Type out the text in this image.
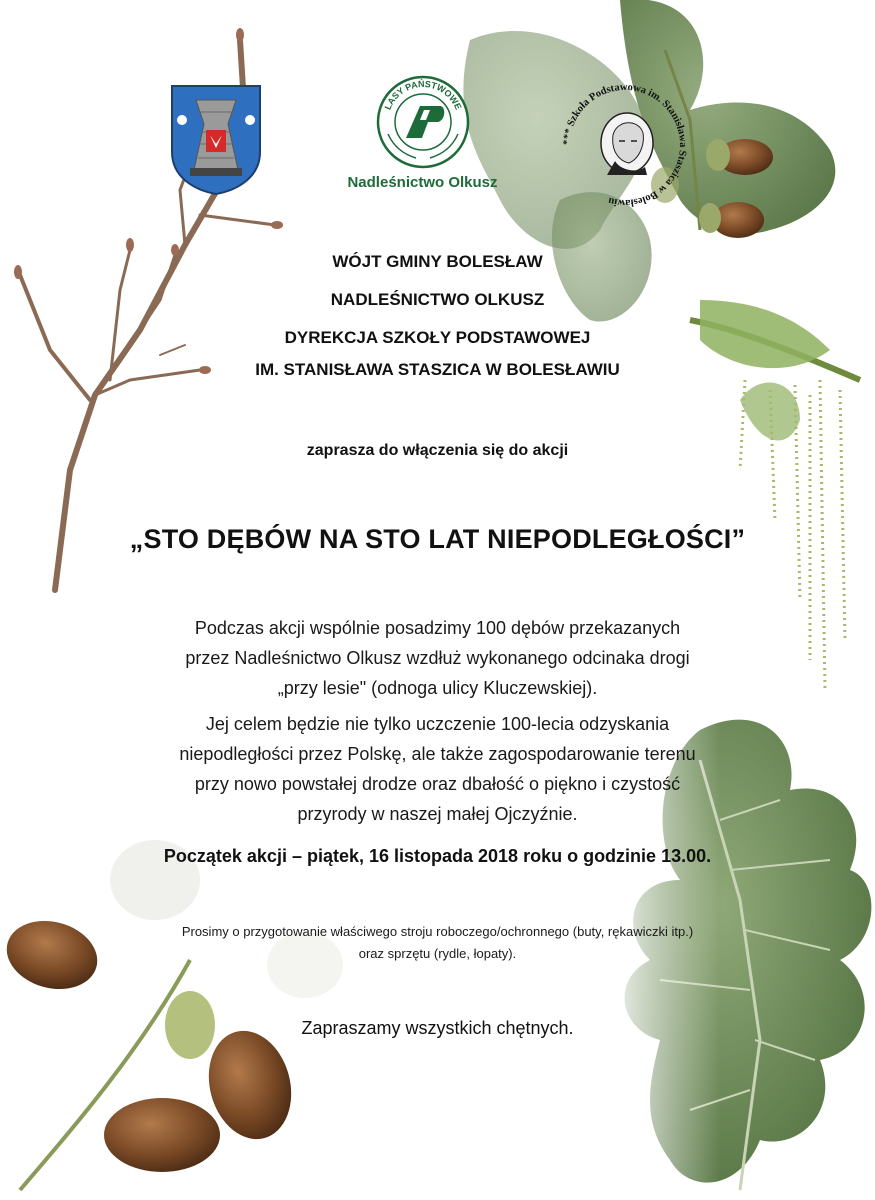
LASY PAŃSTWOWE
Nadleśnictwo Olkusz
*** Szkoła Podstawowa im. Stanisława Staszica w Bolesławiu
WÓJT GMINY BOLESŁAW
NADLEŚNICTWO OLKUSZ
DYREKCJA SZKOŁY PODSTAWOWEJ
IM. STANISŁAWA STASZICA W BOLESŁAWIU
zaprasza do włączenia się do akcji
„STO DĘBÓW NA STO LAT NIEPODLEGŁOŚCI”
Podczas akcji wspólnie posadzimy 100 dębów przekazanych
przez Nadleśnictwo Olkusz wzdłuż wykonanego odcinaka drogi
„przy lesie" (odnoga ulicy Kluczewskiej).
Jej celem będzie nie tylko uczczenie 100-lecia odzyskania
niepodległości przez Polskę, ale także zagospodarowanie terenu
przy nowo powstałej drodze oraz dbałość o piękno i czystość
przyrody w naszej małej Ojczyźnie.
Początek akcji – piątek, 16 listopada 2018 roku o godzinie 13.00.
Prosimy o przygotowanie właściwego stroju roboczego/ochronnego (buty, rękawiczki itp.)
oraz sprzętu (rydle, łopaty).
Zapraszamy wszystkich chętnych.
